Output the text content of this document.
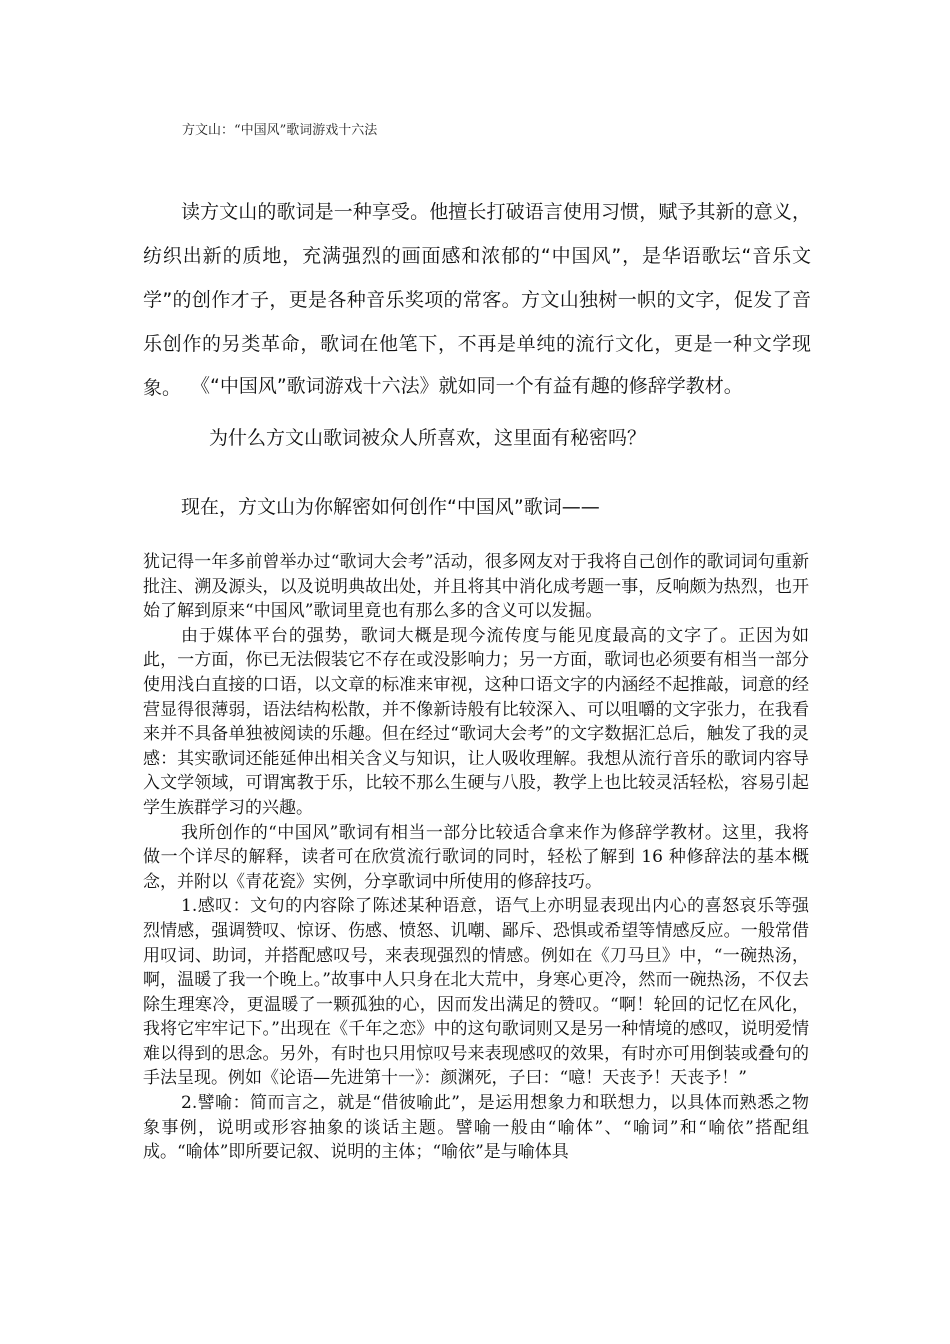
方文山：“中国风”歌词游戏十六法

读方文山的歌词是一种享受。他擅长打破语言使用习惯，赋予其新的意义，纺织出新的质地，充满强烈的画面感和浓郁的“中国风”，是华语歌坛“音乐文学”的创作才子，更是各种音乐奖项的常客。方文山独树一帜的文字，促发了音乐创作的另类革命，歌词在他笔下，不再是单纯的流行文化，更是一种文学现象。 《“中国风”歌词游戏十六法》就如同一个有益有趣的修辞学教材。
为什么方文山歌词被众人所喜欢，这里面有秘密吗？
现在，方文山为你解密如何创作“中国风”歌词——

犹记得一年多前曾举办过“歌词大会考”活动，很多网友对于我将自己创作的歌词词句重新批注、溯及源头，以及说明典故出处，并且将其中消化成考题一事，反响颇为热烈，也开始了解到原来“中国风”歌词里竟也有那么多的含义可以发掘。

由于媒体平台的强势，歌词大概是现今流传度与能见度最高的文字了。正因为如此，一方面，你已无法假装它不存在或没影响力；另一方面，歌词也必须要有相当一部分使用浅白直接的口语，以文章的标准来审视，这种口语文字的内涵经不起推敲，词意的经营显得很薄弱，语法结构松散，并不像新诗般有比较深入、可以咀嚼的文字张力，在我看来并不具备单独被阅读的乐趣。但在经过“歌词大会考”的文字数据汇总后，触发了我的灵感：其实歌词还能延伸出相关含义与知识，让人吸收理解。我想从流行音乐的歌词内容导入文学领域，可谓寓教于乐，比较不那么生硬与八股，教学上也比较灵活轻松，容易引起学生族群学习的兴趣。

我所创作的“中国风”歌词有相当一部分比较适合拿来作为修辞学教材。这里，我将做一个详尽的解释，读者可在欣赏流行歌词的同时，轻松了解到 16 种修辞法的基本概念，并附以《青花瓷》实例，分享歌词中所使用的修辞技巧。

1.感叹：文句的内容除了陈述某种语意，语气上亦明显表现出内心的喜怒哀乐等强烈情感，强调赞叹、惊讶、伤感、愤怒、讥嘲、鄙斥、恐惧或希望等情感反应。一般常借用叹词、助词，并搭配感叹号，来表现强烈的情感。例如在《刀马旦》中，“一碗热汤，啊，温暖了我一个晚上。”故事中人只身在北大荒中，身寒心更冷，然而一碗热汤，不仅去除生理寒冷，更温暖了一颗孤独的心，因而发出满足的赞叹。“啊！轮回的记忆在风化，我将它牢牢记下。”出现在《千年之恋》中的这句歌词则又是另一种情境的感叹，说明爱情难以得到的思念。另外，有时也只用惊叹号来表现感叹的效果，有时亦可用倒装或叠句的手法呈现。例如《论语—先进第十一》：颜渊死，子曰：“噫！天丧予！天丧予！”

2.譬喻：简而言之，就是“借彼喻此”，是运用想象力和联想力，以具体而熟悉之物象事例，说明或形容抽象的谈话主题。譬喻一般由“喻体”、“喻词”和“喻依”搭配组成。“喻体”即所要记叙、说明的主体；“喻依”是与喻体具
